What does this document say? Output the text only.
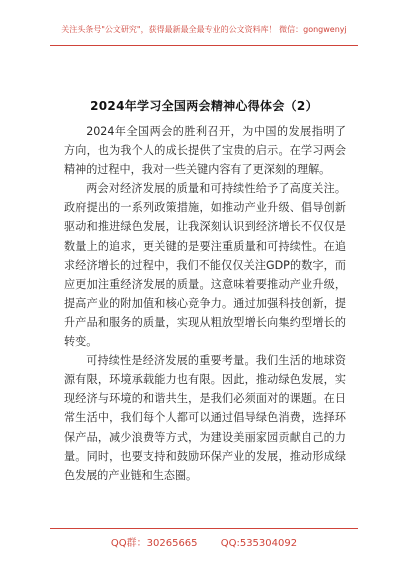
关注头条号"公文研究"，获得最新最全最专业的公文资料库！ 微信：gongwenyj
2024年学习全国两会精神心得体会（2）

2024年全国两会的胜利召开，为中国的发展指明了方向，也为我个人的成长提供了宝贵的启示。在学习两会精神的过程中，我对一些关键内容有了更深刻的理解。

两会对经济发展的质量和可持续性给予了高度关注。政府提出的一系列政策措施，如推动产业升级、倡导创新驱动和推进绿色发展，让我深刻认识到经济增长不仅仅是数量上的追求，更关键的是要注重质量和可持续性。在追求经济增长的过程中，我们不能仅仅关注GDP的数字，而应更加注重经济发展的质量。这意味着要推动产业升级，提高产业的附加值和核心竞争力。通过加强科技创新，提升产品和服务的质量，实现从粗放型增长向集约型增长的转变。

可持续性是经济发展的重要考量。我们生活的地球资源有限，环境承载能力也有限。因此，推动绿色发展，实现经济与环境的和谐共生，是我们必须面对的课题。在日常生活中，我们每个人都可以通过倡导绿色消费，选择环保产品，减少浪费等方式，为建设美丽家园贡献自己的力量。同时，也要支持和鼓励环保产业的发展，推动形成绿色发展的产业链和生态圈。

QQ群：30265665 QQ:535304092
